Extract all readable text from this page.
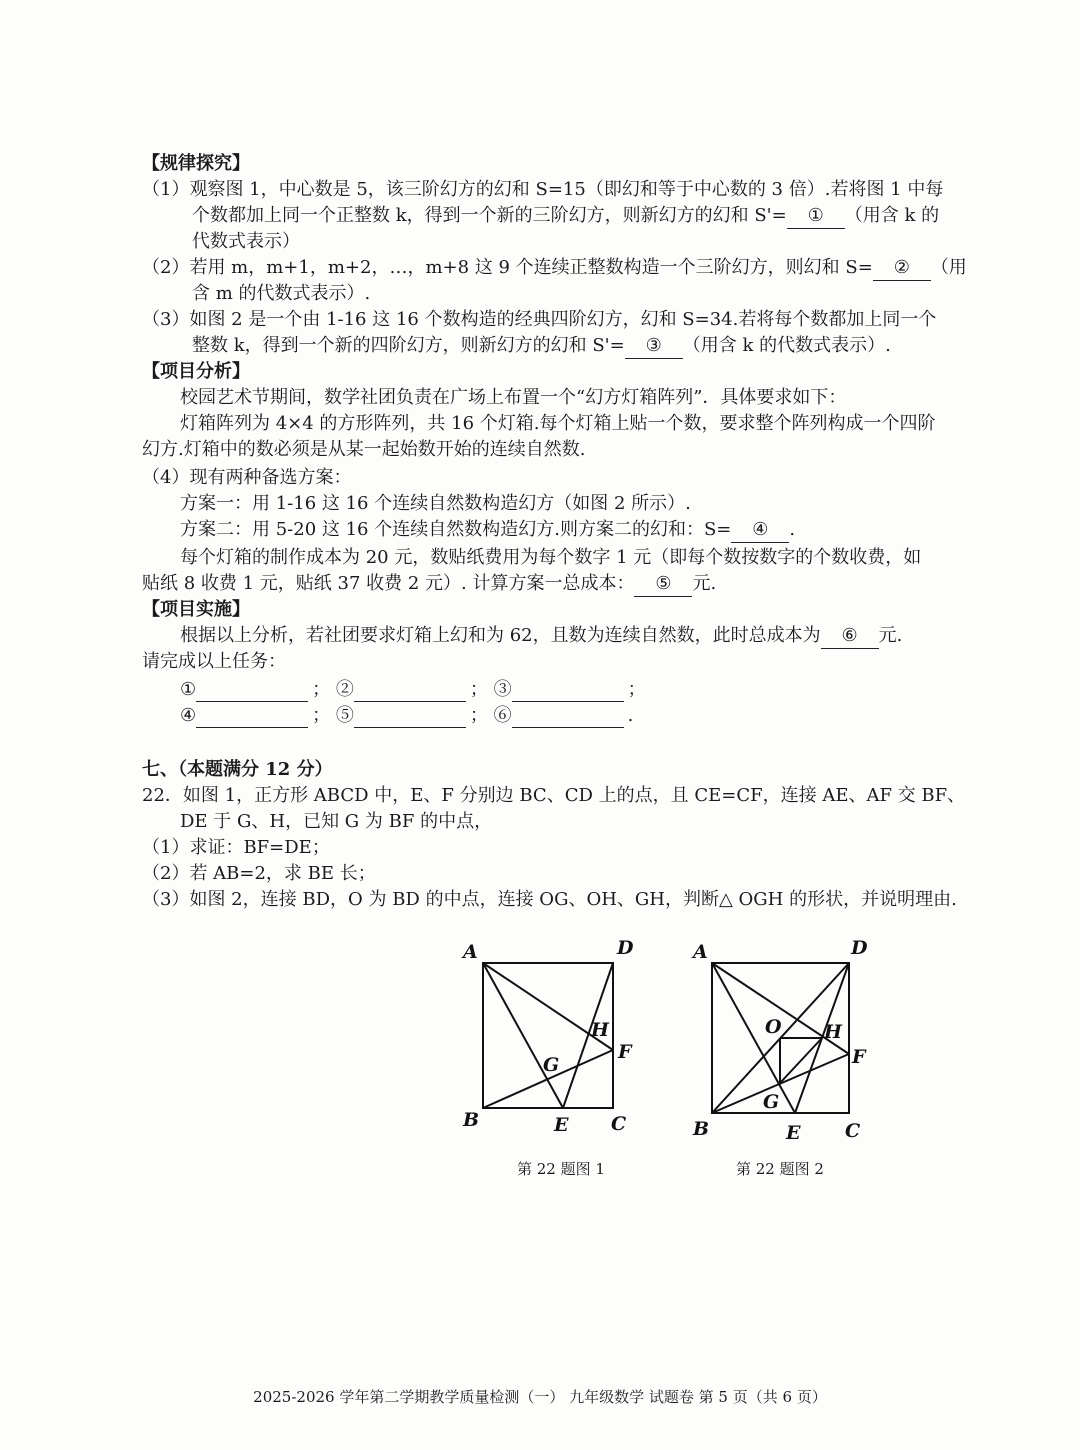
【规律探究】
（1）观察图 1，中心数是 5，该三阶幻方的幻和 S=15（即幻和等于中心数的 3 倍）.若将图 1 中每
个数都加上同一个正整数 k，得到一个新的三阶幻方，则新幻方的幻和 S'= ① （用含 k 的
代数式表示）
（2）若用 m，m+1，m+2，…，m+8 这 9 个连续正整数构造一个三阶幻方，则幻和 S= ② （用
含 m 的代数式表示）.
（3）如图 2 是一个由 1-16 这 16 个数构造的经典四阶幻方，幻和 S=34.若将每个数都加上同一个
整数 k，得到一个新的四阶幻方，则新幻方的幻和 S'= ③ （用含 k 的代数式表示）.
【项目分析】
校园艺术节期间，数学社团负责在广场上布置一个“幻方灯箱阵列”．具体要求如下：
灯箱阵列为 4×4 的方形阵列，共 16 个灯箱.每个灯箱上贴一个数，要求整个阵列构成一个四阶
幻方.灯箱中的数必须是从某一起始数开始的连续自然数.
（4）现有两种备选方案：
方案一：用 1-16 这 16 个连续自然数构造幻方（如图 2 所示）.
方案二：用 5-20 这 16 个连续自然数构造幻方.则方案二的幻和：S= ④ .
每个灯箱的制作成本为 20 元，数贴纸费用为每个数字 1 元（即每个数按数字的个数收费，如
贴纸 8 收费 1 元，贴纸 37 收费 2 元）. 计算方案一总成本： ⑤ 元.
【项目实施】
根据以上分析，若社团要求灯箱上幻和为 62，且数为连续自然数，此时总成本为 ⑥ 元.
请完成以上任务：
①	； ②	； ③	；
④	； ⑤	； ⑥	.
七、（本题满分 12 分）
22．如图 1，正方形 ABCD 中，E、F 分别边 BC、CD 上的点，且 CE=CF，连接 AE、AF 交 BF、
DE 于 G、H，已知 G 为 BF 的中点，
（1）求证：BF=DE；
（2）若 AB=2，求 BE 长；
（3）如图 2，连接 BD，O 为 BD 的中点，连接 OG、OH、GH，判断△ OGH 的形状，并说明理由.
A	D
B	C
E
F
G
H
第 22 题图 1
A	D
B	C
E
F
G
H
O
第 22 题图 2
2025-2026 学年第二学期教学质量检测（一） 九年级数学 试题卷 第 5 页（共 6 页）
